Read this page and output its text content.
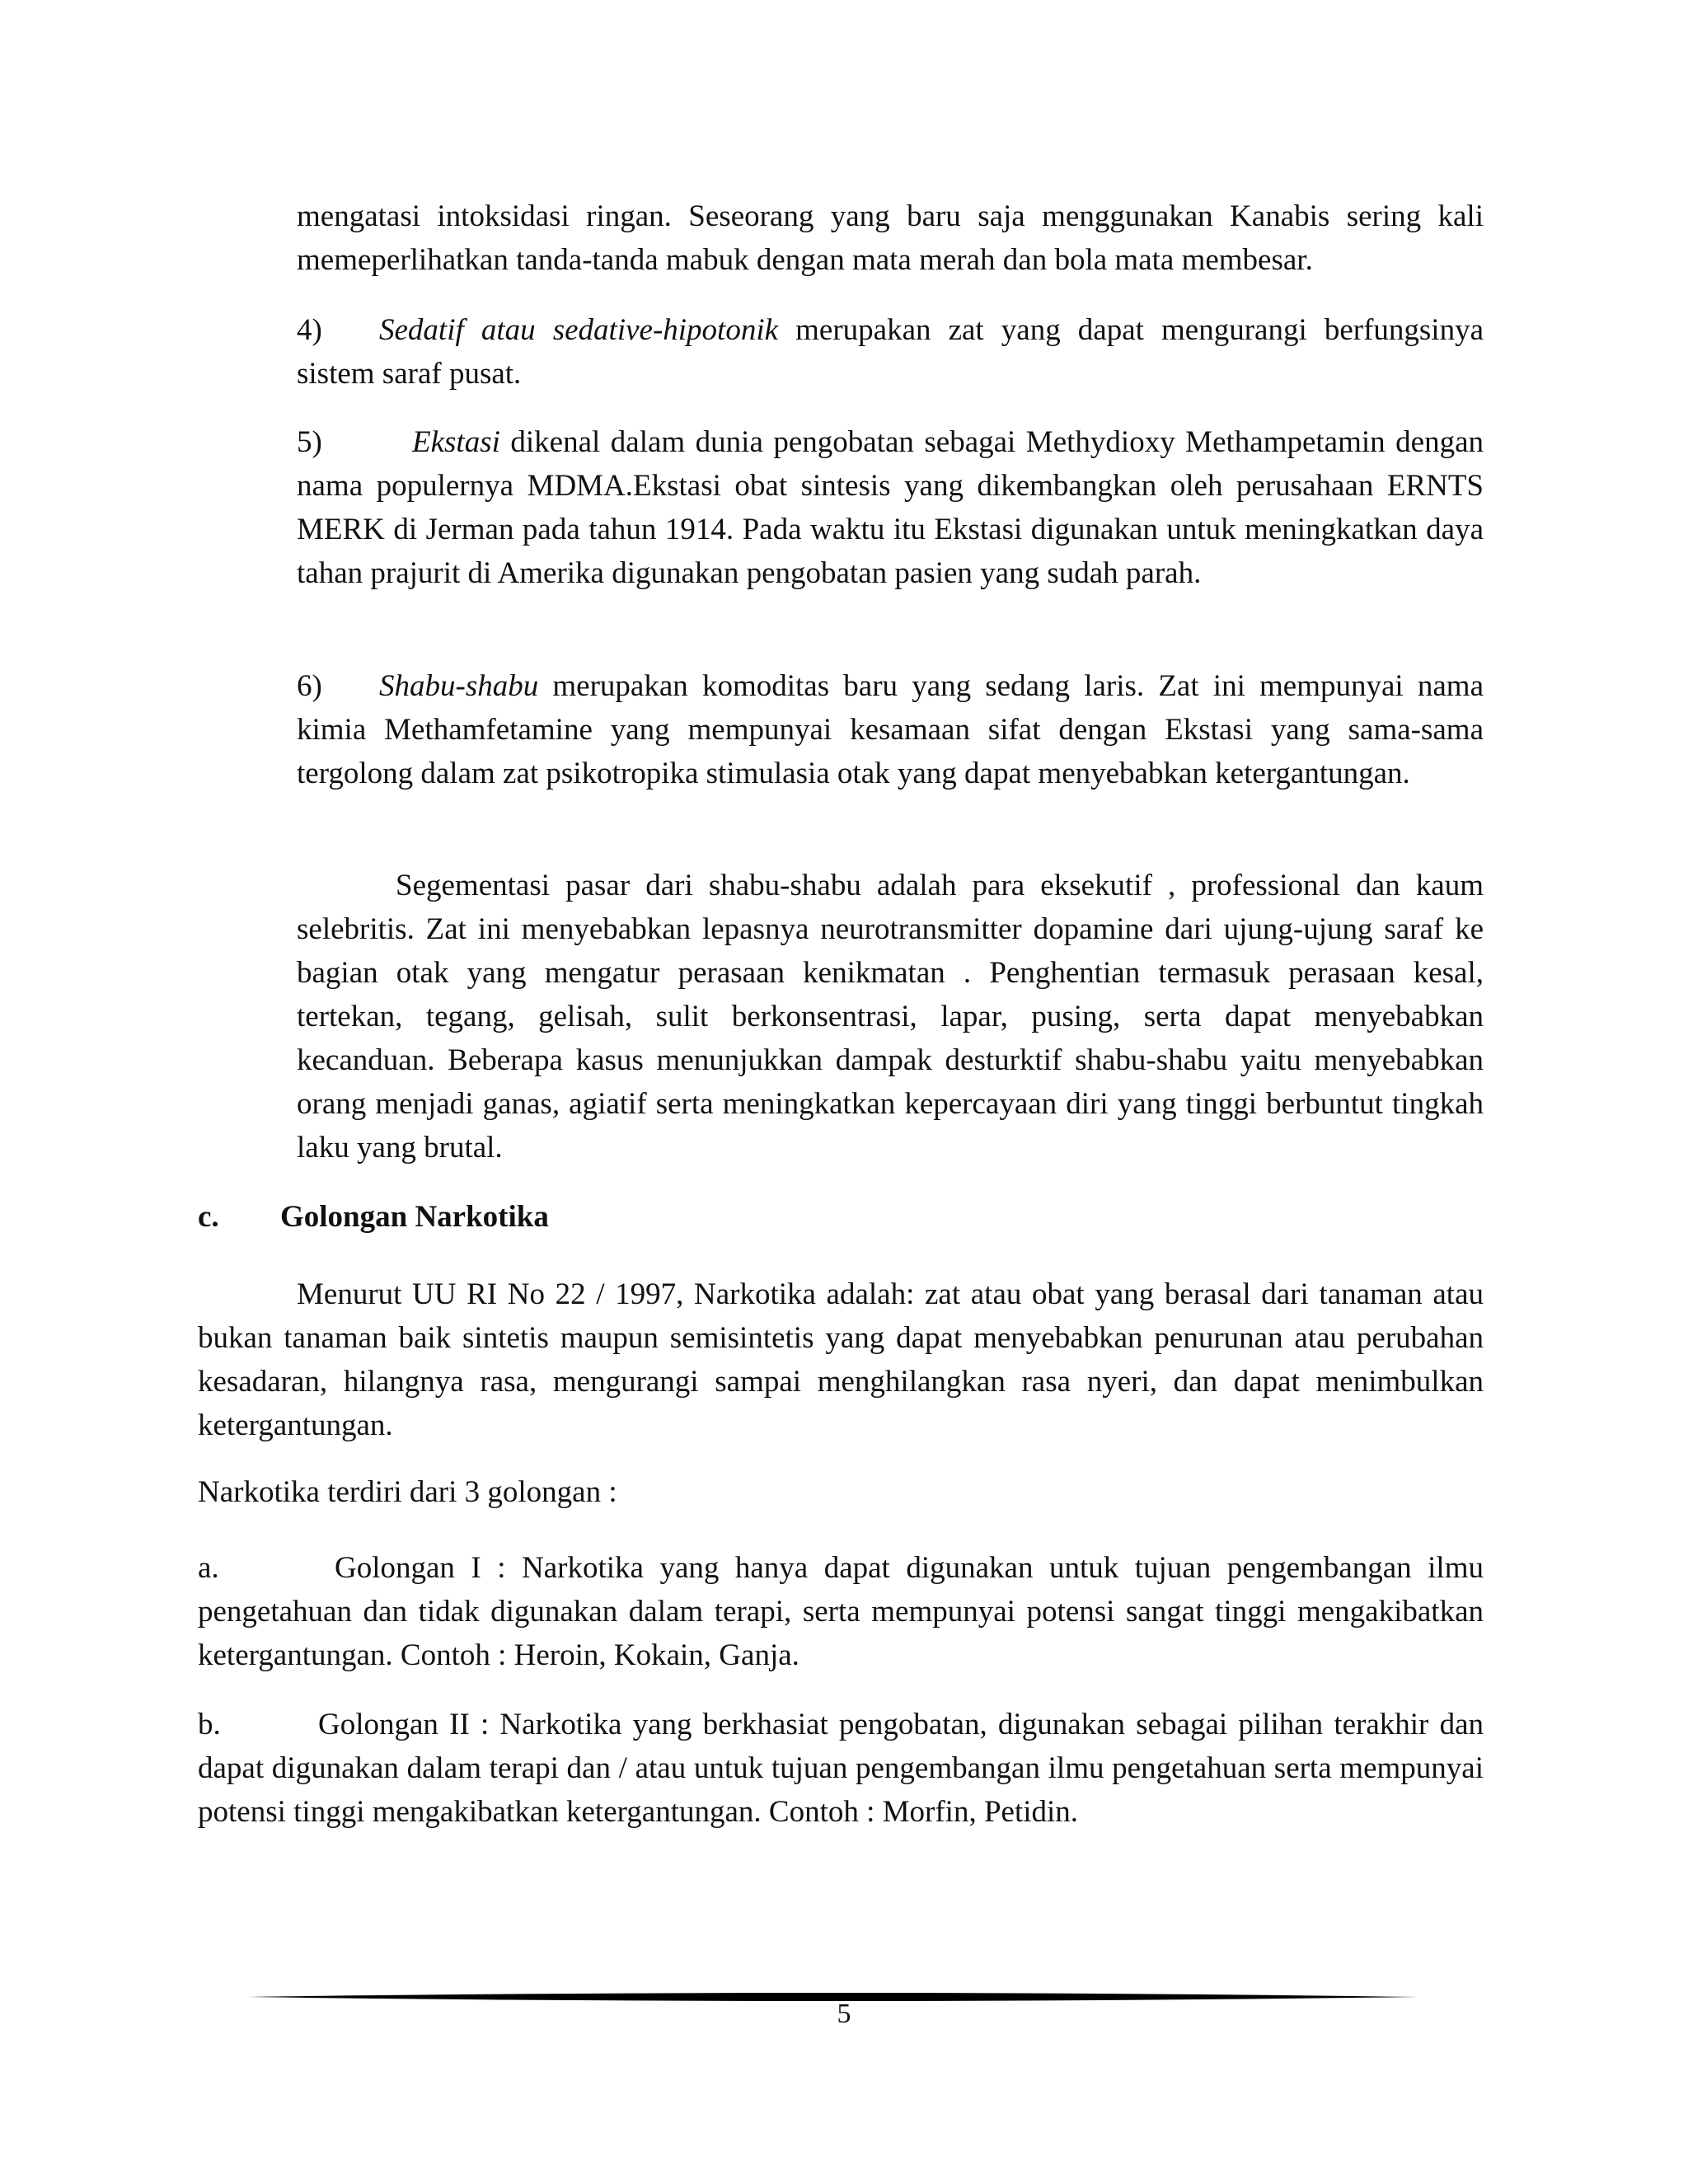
mengatasi intoksidasi ringan. Seseorang yang baru saja menggunakan Kanabis sering kali memeperlihatkan tanda-tanda mabuk dengan mata merah dan bola mata membesar.

4) Sedatif atau sedative-hipotonik merupakan zat yang dapat mengurangi berfungsinya sistem saraf pusat.

5)	Ekstasi dikenal dalam dunia pengobatan sebagai Methydioxy Methampetamin dengan nama populernya MDMA.Ekstasi obat sintesis yang dikembangkan oleh perusahaan ERNTS MERK di Jerman pada tahun 1914. Pada waktu itu Ekstasi digunakan untuk meningkatkan daya tahan prajurit di Amerika digunakan pengobatan pasien yang sudah parah.

6) Shabu-shabu merupakan komoditas baru yang sedang laris. Zat ini mempunyai nama kimia Methamfetamine yang mempunyai kesamaan sifat dengan Ekstasi yang sama-sama tergolong dalam zat psikotropika stimulasia otak yang dapat menyebabkan ketergantungan.

Segementasi pasar dari shabu-shabu adalah para eksekutif , professional dan kaum selebritis. Zat ini menyebabkan lepasnya neurotransmitter dopamine dari ujung-ujung saraf ke bagian otak yang mengatur perasaan kenikmatan . Penghentian termasuk perasaan kesal, tertekan, tegang, gelisah, sulit berkonsentrasi, lapar, pusing, serta dapat menyebabkan kecanduan. Beberapa kasus menunjukkan dampak desturktif shabu-shabu yaitu menyebabkan orang menjadi ganas, agiatif serta meningkatkan kepercayaan diri yang tinggi berbuntut tingkah laku yang brutal.

c. Golongan Narkotika

Menurut UU RI No 22 / 1997, Narkotika adalah: zat atau obat yang berasal dari tanaman atau bukan tanaman baik sintetis maupun semisintetis yang dapat menyebabkan penurunan atau perubahan kesadaran, hilangnya rasa, mengurangi sampai menghilangkan rasa nyeri, dan dapat menimbulkan ketergantungan.

Narkotika terdiri dari 3 golongan :

a.	Golongan I : Narkotika yang hanya dapat digunakan untuk tujuan pengembangan ilmu pengetahuan dan tidak digunakan dalam terapi, serta mempunyai potensi sangat tinggi mengakibatkan ketergantungan. Contoh : Heroin, Kokain, Ganja.

b.	Golongan II : Narkotika yang berkhasiat pengobatan, digunakan sebagai pilihan terakhir dan dapat digunakan dalam terapi dan / atau untuk tujuan pengembangan ilmu pengetahuan serta mempunyai potensi tinggi mengakibatkan ketergantungan. Contoh : Morfin, Petidin.

5
